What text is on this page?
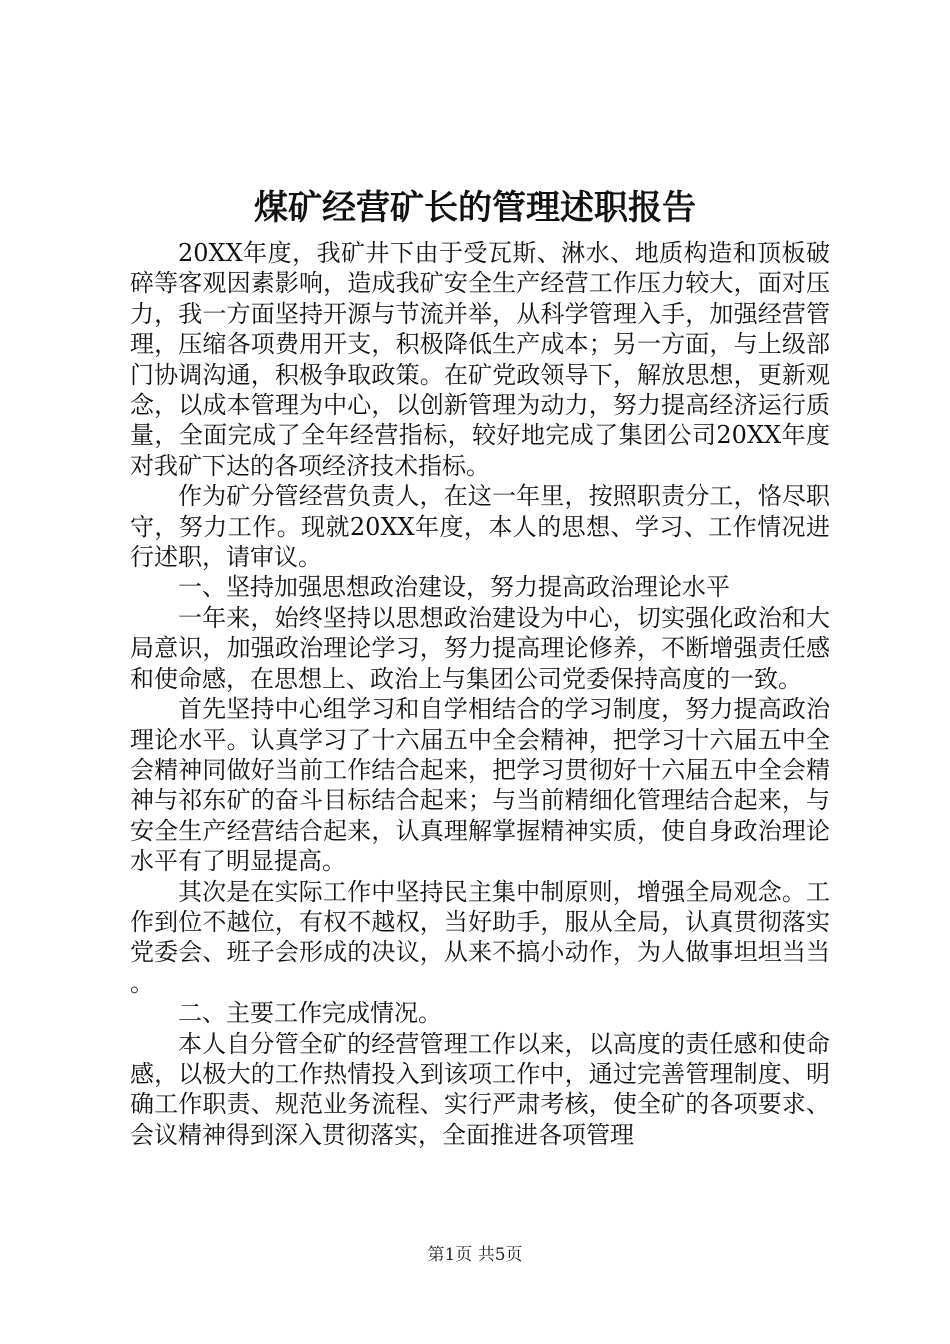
煤矿经营矿长的管理述职报告

20XX年度，我矿井下由于受瓦斯、淋水、地质构造和顶板破碎等客观因素影响，造成我矿安全生产经营工作压力较大，面对压力，我一方面坚持开源与节流并举，从科学管理入手，加强经营管理，压缩各项费用开支，积极降低生产成本；另一方面，与上级部门协调沟通，积极争取政策。在矿党政领导下，解放思想，更新观念，以成本管理为中心，以创新管理为动力，努力提高经济运行质量，全面完成了全年经营指标，较好地完成了集团公司20XX年度对我矿下达的各项经济技术指标。

作为矿分管经营负责人，在这一年里，按照职责分工，恪尽职守，努力工作。现就20XX年度，本人的思想、学习、工作情况进行述职，请审议。

一、坚持加强思想政治建设，努力提高政治理论水平

一年来，始终坚持以思想政治建设为中心，切实强化政治和大局意识，加强政治理论学习，努力提高理论修养，不断增强责任感和使命感，在思想上、政治上与集团公司党委保持高度的一致。

首先坚持中心组学习和自学相结合的学习制度，努力提高政治理论水平。认真学习了十六届五中全会精神，把学习十六届五中全会精神同做好当前工作结合起来，把学习贯彻好十六届五中全会精神与祁东矿的奋斗目标结合起来；与当前精细化管理结合起来，与安全生产经营结合起来，认真理解掌握精神实质，使自身政治理论水平有了明显提高。

其次是在实际工作中坚持民主集中制原则，增强全局观念。工作到位不越位，有权不越权，当好助手，服从全局，认真贯彻落实党委会、班子会形成的决议，从来不搞小动作，为人做事坦坦当当。

二、主要工作完成情况。

本人自分管全矿的经营管理工作以来，以高度的责任感和使命感，以极大的工作热情投入到该项工作中，通过完善管理制度、明确工作职责、规范业务流程、实行严肃考核，使全矿的各项要求、会议精神得到深入贯彻落实，全面推进各项管理

第1页 共5页
